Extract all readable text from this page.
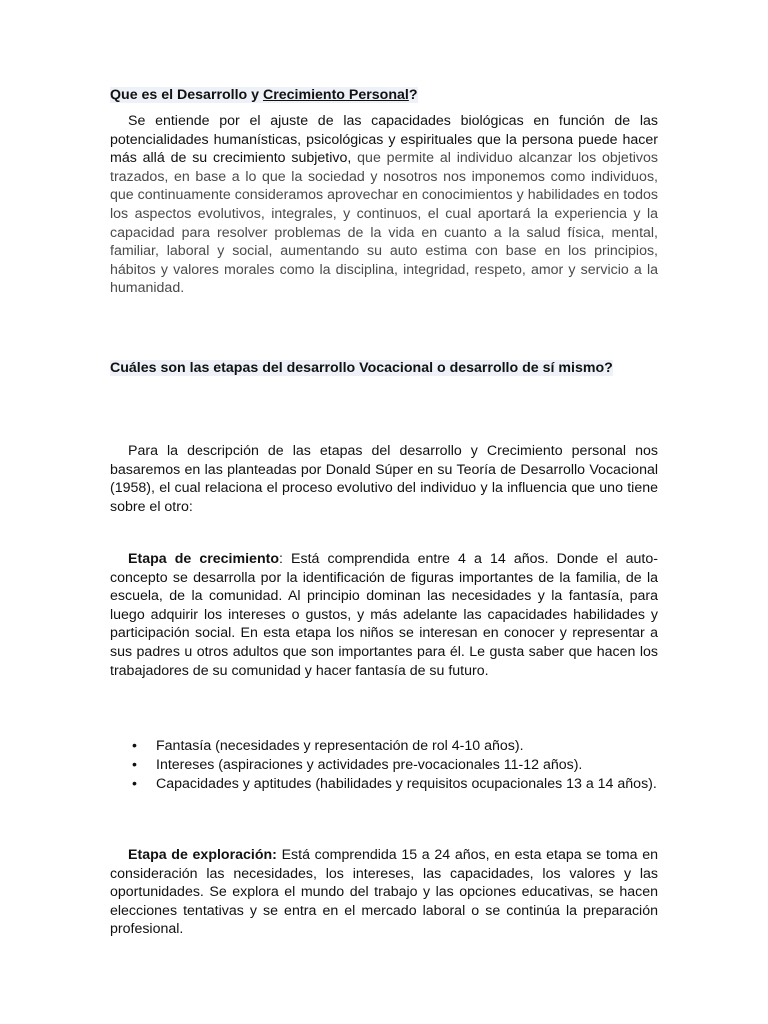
Que es el Desarrollo y Crecimiento Personal?
Se entiende por el ajuste de las capacidades biológicas en función de las potencialidades humanísticas, psicológicas y espirituales que la persona puede hacer más allá de su crecimiento subjetivo, que permite al individuo alcanzar los objetivos trazados, en base a lo que la sociedad y nosotros nos imponemos como individuos, que continuamente consideramos aprovechar en conocimientos y habilidades en todos los aspectos evolutivos, integrales, y continuos, el cual aportará la experiencia y la capacidad para resolver problemas de la vida en cuanto a la salud física, mental, familiar, laboral y social, aumentando su auto estima con base en los principios, hábitos y valores morales como la disciplina, integridad, respeto, amor y servicio a la humanidad.
Cuáles son las etapas del desarrollo Vocacional o desarrollo de sí mismo?
Para la descripción de las etapas del desarrollo y Crecimiento personal nos basaremos en las planteadas por Donald Súper en su Teoría de Desarrollo Vocacional (1958), el cual relaciona el proceso evolutivo del individuo y la influencia que uno tiene sobre el otro:
Etapa de crecimiento: Está comprendida entre 4 a 14 años. Donde el auto-concepto se desarrolla por la identificación de figuras importantes de la familia, de la escuela, de la comunidad. Al principio dominan las necesidades y la fantasía, para luego adquirir los intereses o gustos, y más adelante las capacidades habilidades y participación social. En esta etapa los niños se interesan en conocer y representar a sus padres u otros adultos que son importantes para él. Le gusta saber que hacen los trabajadores de su comunidad y hacer fantasía de su futuro.
• Fantasía (necesidades y representación de rol 4-10 años).
• Intereses (aspiraciones y actividades pre-vocacionales 11-12 años).
• Capacidades y aptitudes (habilidades y requisitos ocupacionales 13 a 14 años).
Etapa de exploración: Está comprendida 15 a 24 años, en esta etapa se toma en consideración las necesidades, los intereses, las capacidades, los valores y las oportunidades. Se explora el mundo del trabajo y las opciones educativas, se hacen elecciones tentativas y se entra en el mercado laboral o se continúa la preparación profesional.
